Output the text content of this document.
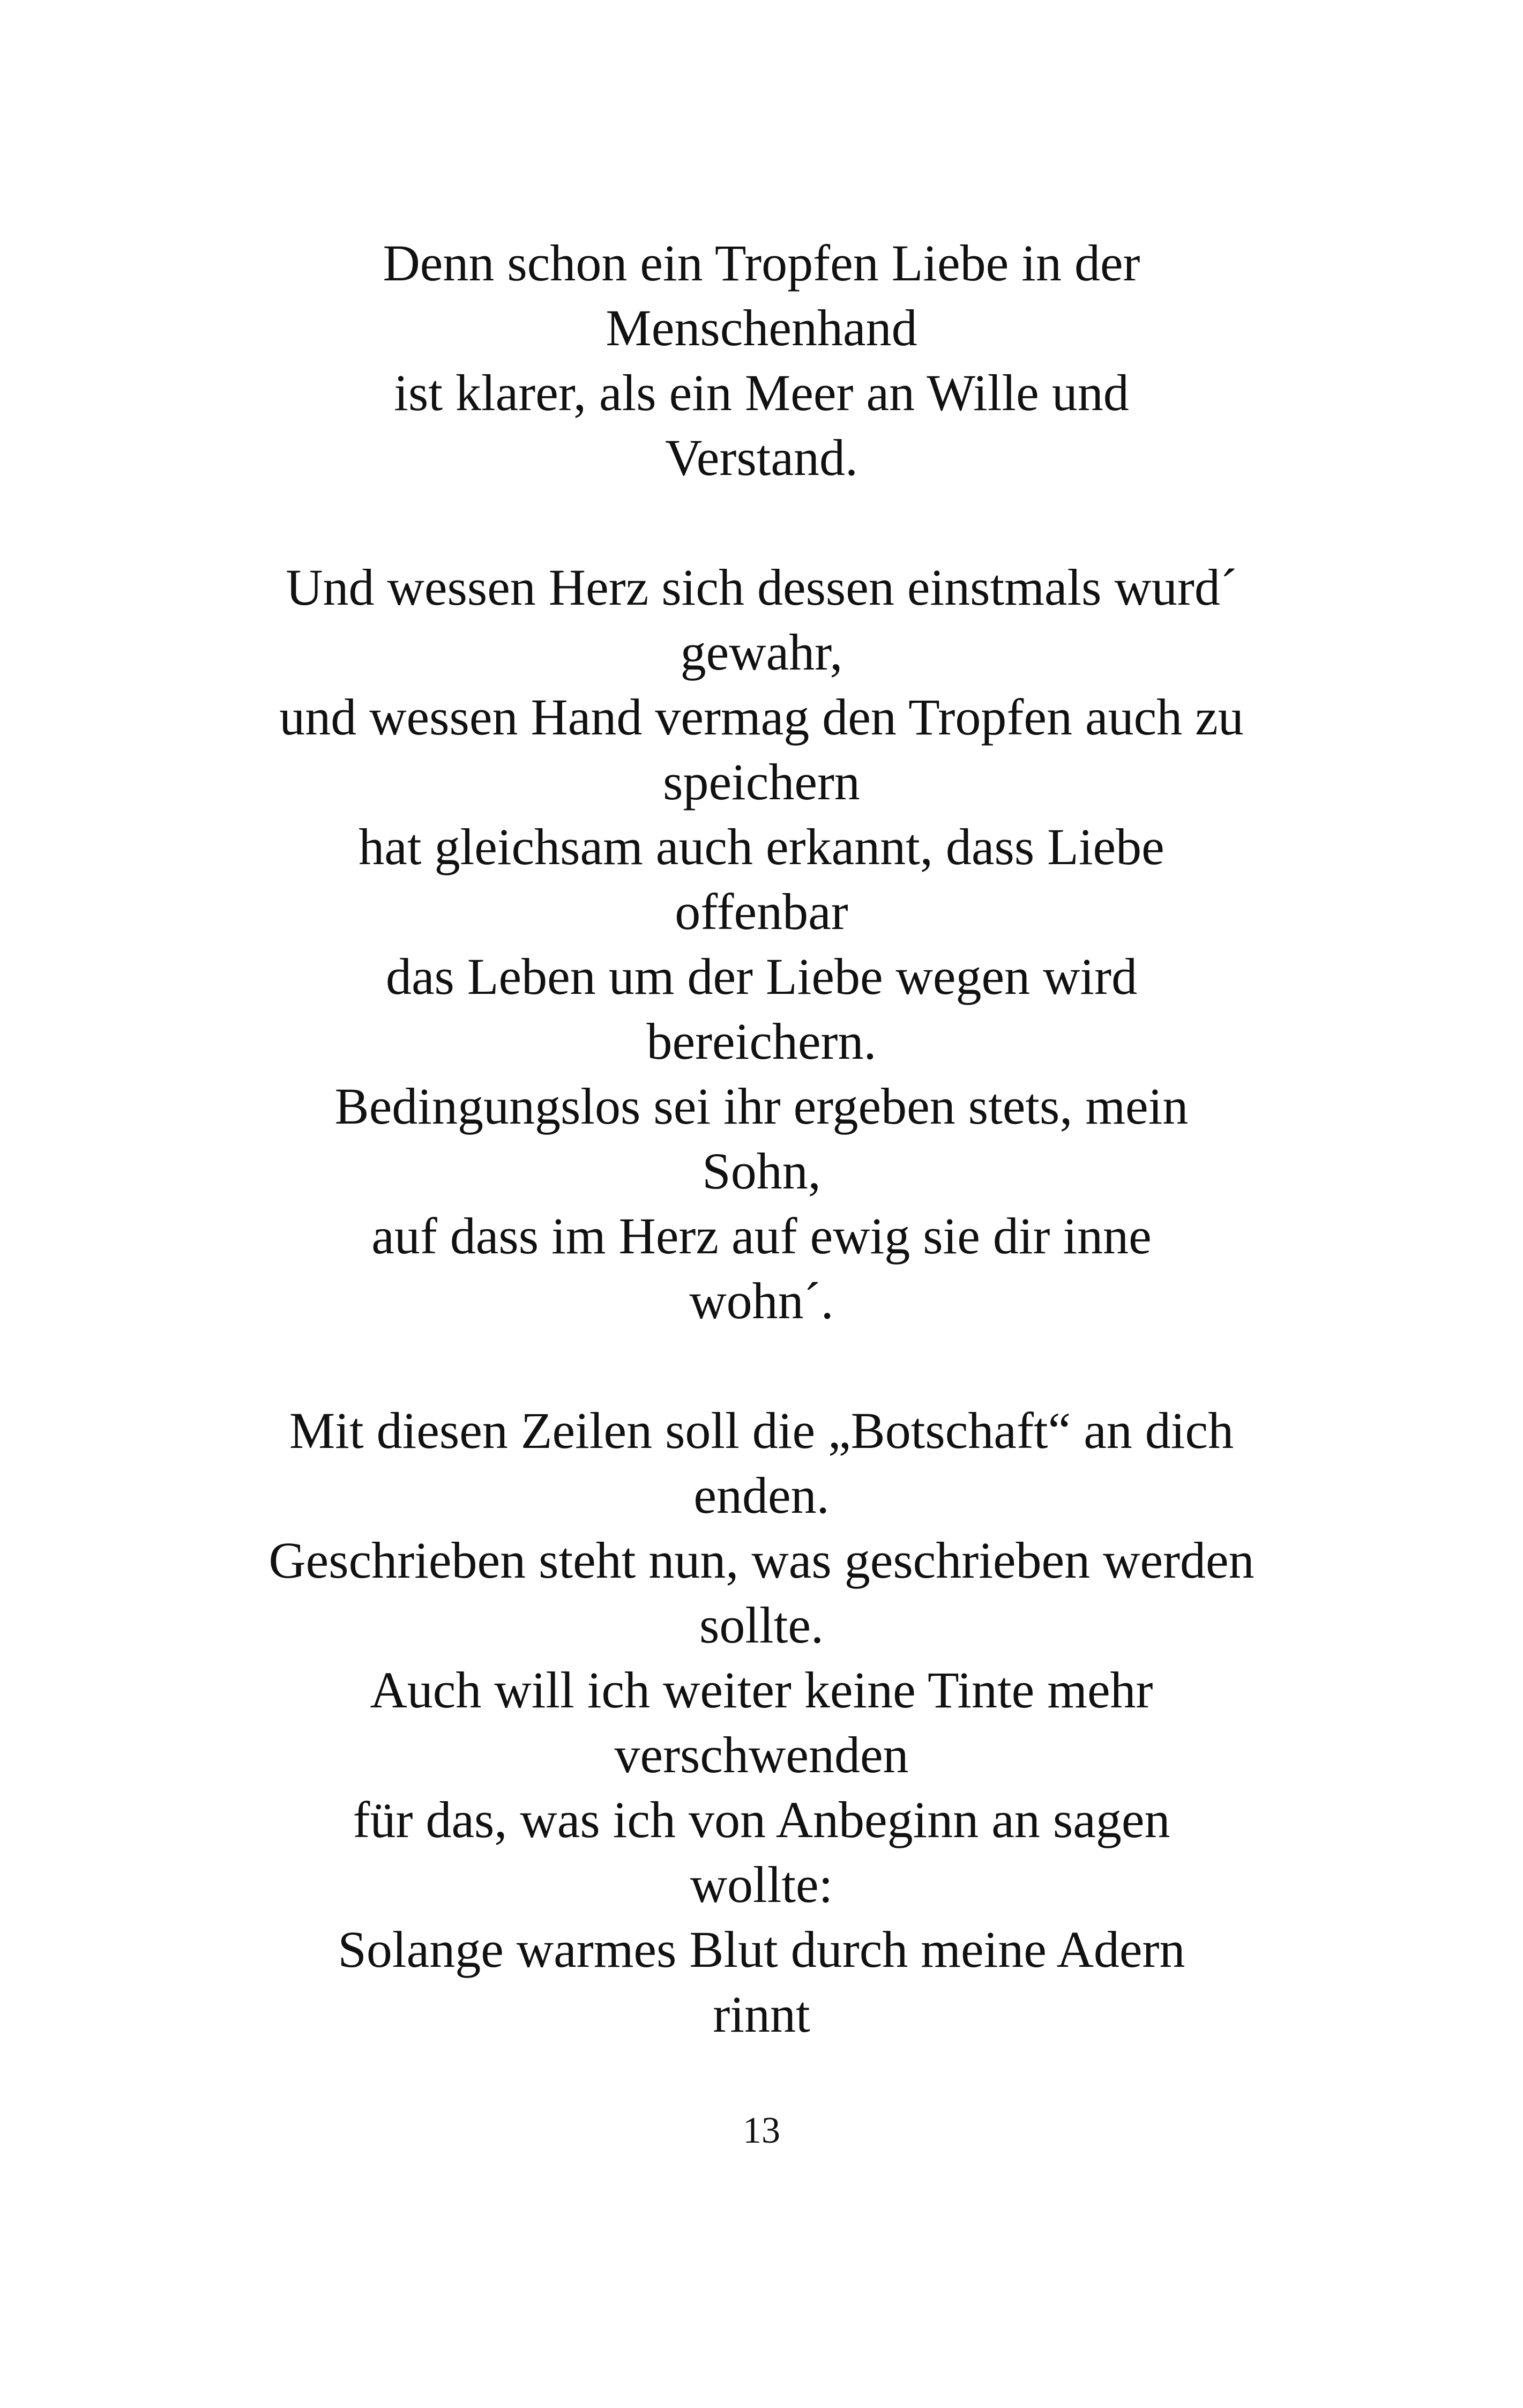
Denn schon ein Tropfen Liebe in der
Menschenhand
ist klarer, als ein Meer an Wille und
Verstand.
Und wessen Herz sich dessen einstmals wurd´
gewahr,
und wessen Hand vermag den Tropfen auch zu
speichern
hat gleichsam auch erkannt, dass Liebe
offenbar
das Leben um der Liebe wegen wird
bereichern.
Bedingungslos sei ihr ergeben stets, mein
Sohn,
auf dass im Herz auf ewig sie dir inne
wohn´.
Mit diesen Zeilen soll die „Botschaft“ an dich
enden.
Geschrieben steht nun, was geschrieben werden
sollte.
Auch will ich weiter keine Tinte mehr
verschwenden
für das, was ich von Anbeginn an sagen
wollte:
Solange warmes Blut durch meine Adern
rinnt
13
